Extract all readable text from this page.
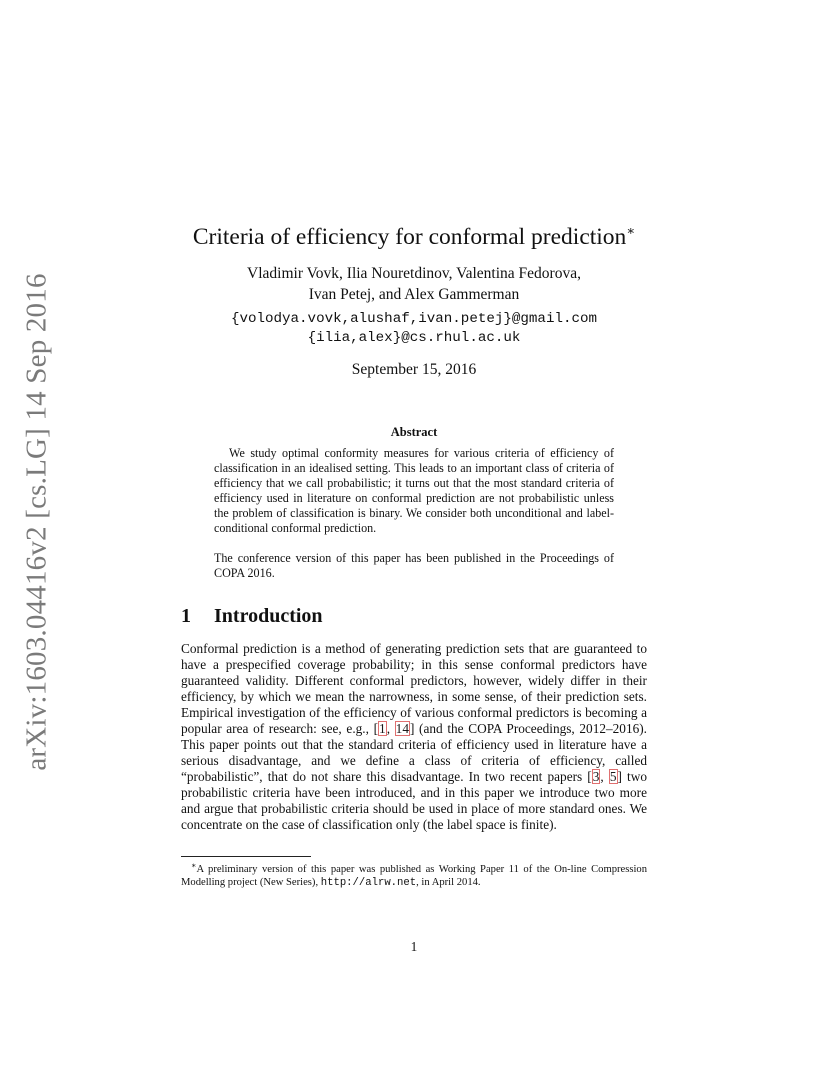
arXiv:1603.04416v2 [cs.LG] 14 Sep 2016
Criteria of efficiency for conformal prediction∗
Vladimir Vovk, Ilia Nouretdinov, Valentina Fedorova,
Ivan Petej, and Alex Gammerman
{volodya.vovk,alushaf,ivan.petej}@gmail.com
{ilia,alex}@cs.rhul.ac.uk
September 15, 2016
Abstract

We study optimal conformity measures for various criteria of efficiency of classification in an idealised setting. This leads to an important class of criteria of efficiency that we call probabilistic; it turns out that the most standard criteria of efficiency used in literature on conformal prediction are not probabilistic unless the problem of classification is binary. We consider both unconditional and label-conditional conformal prediction.

The conference version of this paper has been published in the Proceedings of COPA 2016.

1 Introduction

Conformal prediction is a method of generating prediction sets that are guaranteed to have a prespecified coverage probability; in this sense conformal predictors have guaranteed validity. Different conformal predictors, however, widely differ in their efficiency, by which we mean the narrowness, in some sense, of their prediction sets. Empirical investigation of the efficiency of various conformal predictors is becoming a popular area of research: see, e.g., [1, 14] (and the COPA Proceedings, 2012–2016). This paper points out that the standard criteria of efficiency used in literature have a serious disadvantage, and we define a class of criteria of efficiency, called “probabilistic”, that do not share this disadvantage. In two recent papers [3, 5] two probabilistic criteria have been introduced, and in this paper we introduce two more and argue that probabilistic criteria should be used in place of more standard ones. We concentrate on the case of classification only (the label space is finite).

∗A preliminary version of this paper was published as Working Paper 11 of the On-line Compression Modelling project (New Series), http://alrw.net, in April 2014.

1
